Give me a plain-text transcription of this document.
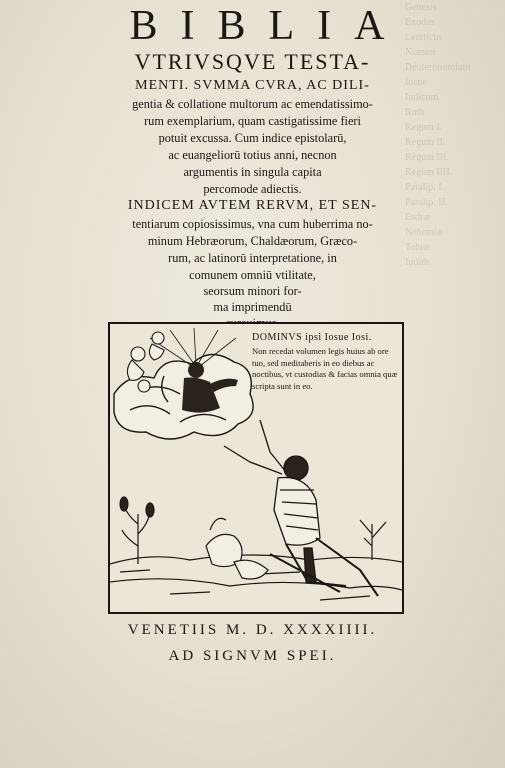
Genesis
Exodus
Leuiticus
Numeri
Deuteronomium
Iosue
Iudicum
Ruth
Regum I.
Regum II.
Regum III.
Regum IIII.
Paralip. I.
Paralip. II.
Esdræ
Nehemiæ
Tobiæ
Iudith
BIBLIA
VTRIVSQVE TESTA-
MENTI. SVMMA CVRA, AC DILI-
gentia & collatione multorum ac emendatissimo-
rum exemplarium, quam castigatissime fieri
potuit excussa. Cum indice epistolarū,
ac euangeliorū totius anni, necnon
argumentis in singula capita
percomode adiectis.
INDICEM AVTEM RERVM, ET SEN-
tentiarum copiosissimus, vna cum huberrima no-
minum Hebræorum, Chaldæorum, Græco-
rum, ac latinorū interpretatione, in
comunem omniū vtilitate,
seorsum minori for-
ma imprimendū
DOMINVS ipsi Iosue Iosi.
Non recedat volumen legis huius ab ore tuo, sed meditaberis in eo diebus ac noctibus, vt custodias & facias omnia quæ scripta sunt in eo.
VENETIIS M. D. XXXXIIII.
AD SIGNVM SPEI.
